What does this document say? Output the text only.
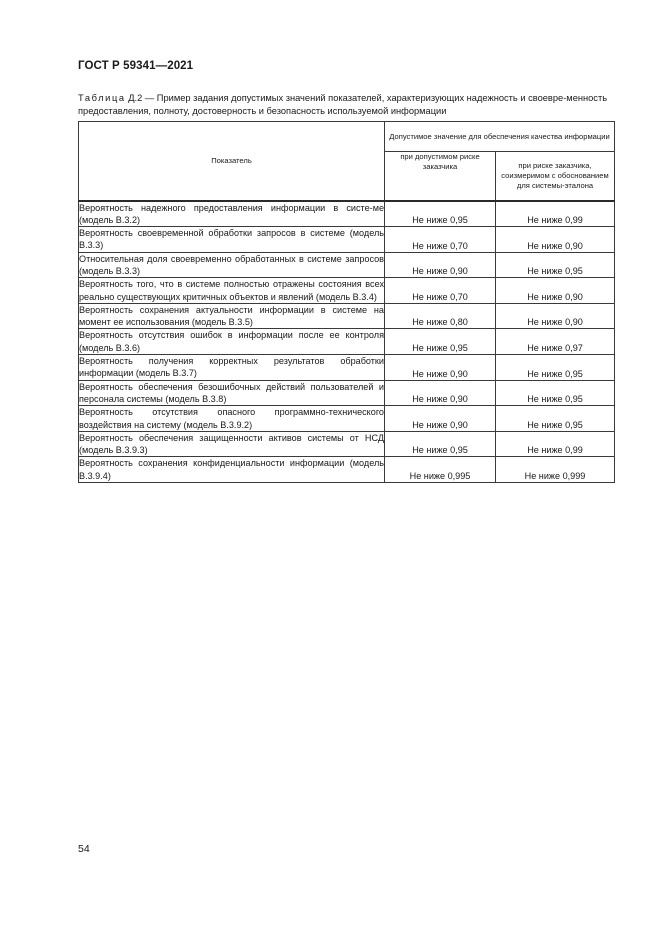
ГОСТ Р 59341—2021
Таблица Д.2 — Пример задания допустимых значений показателей, характеризующих надежность и своевре-менность предоставления, полноту, достоверность и безопасность используемой информации
Показатель	Допустимое значение для обеспечения качества информации	
	при допустимом риске заказчика	при риске заказчика, соизмеримом с обоснованием для системы-эталона
Вероятность надежного предоставления информации в систе-ме (модель В.3.2)	Не ниже 0,95	Не ниже 0,99
Вероятность своевременной обработки запросов в системе (модель В.3.3)	Не ниже 0,70	Не ниже 0,90
Относительная доля своевременно обработанных в системе запросов (модель В.3.3)	Не ниже 0,90	Не ниже 0,95
Вероятность того, что в системе полностью отражены состояния всех реально существующих критичных объектов и явлений (модель В.3.4)	Не ниже 0,70	Не ниже 0,90
Вероятность сохранения актуальности информации в системе на момент ее использования (модель В.3.5)	Не ниже 0,80	Не ниже 0,90
Вероятность отсутствия ошибок в информации после ее контроля (модель В.3.6)	Не ниже 0,95	Не ниже 0,97
Вероятность получения корректных результатов обработки информации (модель В.3.7)	Не ниже 0,90	Не ниже 0,95
Вероятность обеспечения безошибочных действий пользователей и персонала системы (модель В.3.8)	Не ниже 0,90	Не ниже 0,95
Вероятность отсутствия опасного программно-технического воздействия на систему (модель В.3.9.2)	Не ниже 0,90	Не ниже 0,95
Вероятность обеспечения защищенности активов системы от НСД (модель В.3.9.3)	Не ниже 0,95	Не ниже 0,99
Вероятность сохранения конфиденциальности информации (модель В.3.9.4)	Не ниже 0,995	Не ниже 0,999
54
